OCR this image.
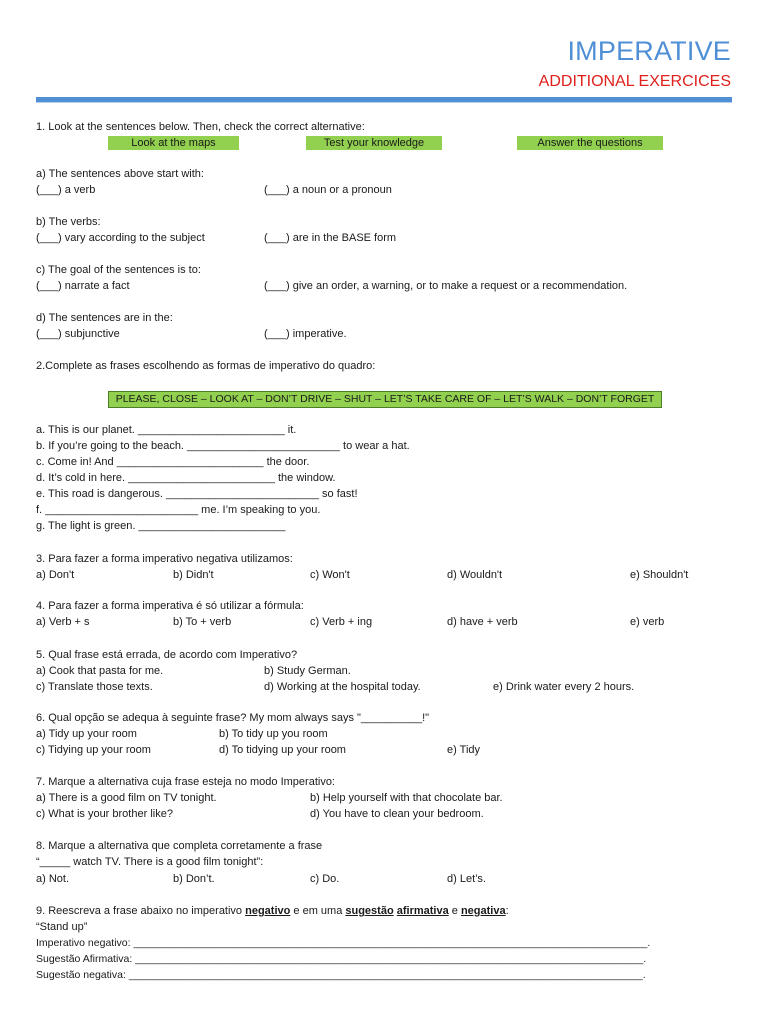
IMPERATIVE
ADDITIONAL EXERCICES
1. Look at the sentences below. Then, check the correct alternative:
Look at the maps	Test your knowledge	Answer the questions
a) The sentences above start with:
(___) a verb	(___) a noun or a pronoun
b) The verbs:
(___) vary according to the subject	(___) are in the BASE form
c) The goal of the sentences is to:
(___) narrate a fact	(___) give an order, a warning, or to make a request or a recommendation.
d) The sentences are in the:
(___) subjunctive	(___) imperative.
2.Complete as frases escolhendo as formas de imperativo do quadro:
PLEASE, CLOSE – LOOK AT – DON’T DRIVE – SHUT – LET’S TAKE CARE OF – LET’S WALK – DON’T FORGET
a. This is our planet. ________________________ it.
b. If you’re going to the beach. _________________________ to wear a hat.
c. Come in! And ________________________ the door.
d. It’s cold in here. ________________________ the window.
e. This road is dangerous. _________________________ so fast!
f. _________________________ me. I’m speaking to you.
g. The light is green. ________________________
3. Para fazer a forma imperativo negativa utilizamos:
a) Don't	b) Didn't	c) Won't	d) Wouldn't	e) Shouldn't
4. Para fazer a forma imperativa é só utilizar a fórmula:
a) Verb + s	b) To + verb	c) Verb + ing	d) have + verb	e) verb
5. Qual frase está errada, de acordo com Imperativo?
a) Cook that pasta for me.	b) Study German.
c) Translate those texts.	d) Working at the hospital today.	e) Drink water every 2 hours.
6. Qual opção se adequa à seguinte frase? My mom always says "__________!"
a) Tidy up your room	b) To tidy up you room
c) Tidying up your room	d) To tidying up your room	e) Tidy
7. Marque a alternativa cuja frase esteja no modo Imperativo:
a) There is a good film on TV tonight.	b) Help yourself with that chocolate bar.
c) What is your brother like?	d) You have to clean your bedroom.
8. Marque a alternativa que completa corretamente a frase
“_____ watch TV. There is a good film tonight”:
a) Not.	b) Don’t.	c) Do.	d) Let’s.
9. Reescreva a frase abaixo no imperativo negativo e em uma sugestão afirmativa e negativa:
“Stand up”
Imperativo negativo: ________________________________________________________________________________________.
Sugestão Afirmativa: _______________________________________________________________________________________.
Sugestão negativa: ________________________________________________________________________________________.
